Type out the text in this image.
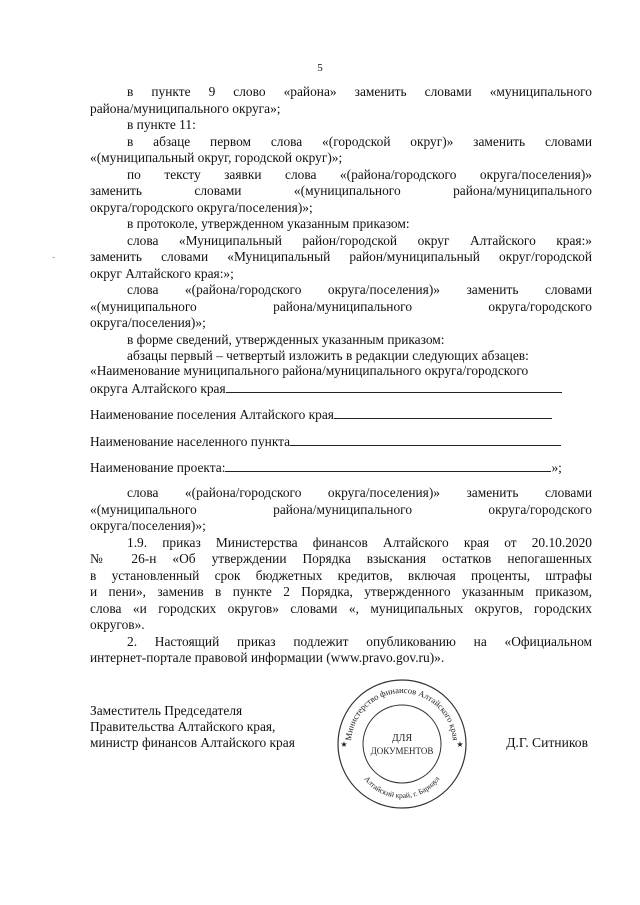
5

в пункте 9 слово «района» заменить словами «муниципального

района/муниципального округа»;

в пункте 11:

в абзаце первом слова «(городской округ)» заменить словами

«(муниципальный округ, городской округ)»;

по тексту заявки слова «(района/городского округа/поселения)»

заменить словами «(муниципального района/муниципального

округа/городского округа/поселения)»;

в протоколе, утвержденном указанным приказом:

слова «Муниципальный район/городской округ Алтайского края:»

заменить словами «Муниципальный район/муниципальный округ/городской

округ Алтайского края:»;

слова «(района/городского округа/поселения)» заменить словами

«(муниципального района/муниципального округа/городского

округа/поселения)»;

в форме сведений, утвержденных указанным приказом:

абзацы первый – четвертый изложить в редакции следующих абзацев:

«Наименование муниципального района/муниципального округа/городского
округа Алтайского края
Наименование поселения Алтайского края
Наименование населенного пункта
Наименование проекта:	»;

слова «(района/городского округа/поселения)» заменить словами

«(муниципального района/муниципального округа/городского

округа/поселения)»;

1.9. приказ Министерства финансов Алтайского края от 20.10.2020

№ 26-н «Об утверждении Порядка взыскания остатков непогашенных

в установленный срок бюджетных кредитов, включая проценты, штрафы

и пени», заменив в пункте 2 Порядка, утвержденного указанным приказом,

слова «и городских округов» словами «, муниципальных округов, городских

округов».

2. Настоящий приказ подлежит опубликованию на «Официальном

интернет-портале правовой информации (www.pravo.gov.ru)».

Заместитель Председателя
Правительства Алтайского края,
министр финансов Алтайского края	Министерство финансов Алтайского края
Алтайский край, г. Барнаул
ДЛЯ
ДОКУМЕНТОВ
★	★	Д.Г. Ситников
